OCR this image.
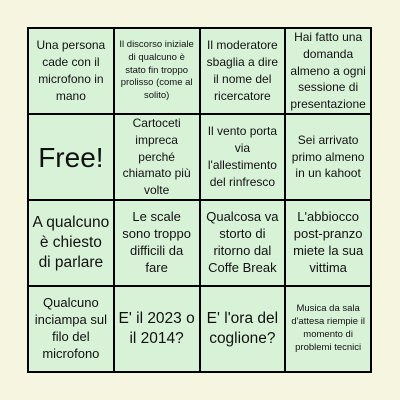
Una persona cade con il microfono in mano
Il discorso iniziale di qualcuno è stato fin troppo prolisso (come al solito)
Il moderatore sbaglia a dire il nome del ricercatore
Hai fatto una domanda almeno a ogni sessione di presentazione
Free!
Cartoceti impreca perché chiamato più volte
Il vento porta via l'allestimento del rinfresco
Sei arrivato primo almeno in un kahoot
A qualcuno è chiesto di parlare
Le scale sono troppo difficili da fare
Qualcosa va storto di ritorno dal Coffe Break
L'abbiocco post-pranzo miete la sua vittima
Qualcuno inciampa sul filo del microfono
E' il 2023 o il 2014?
E' l'ora del coglione?
Musica da sala d'attesa riempie il momento di problemi tecnici
